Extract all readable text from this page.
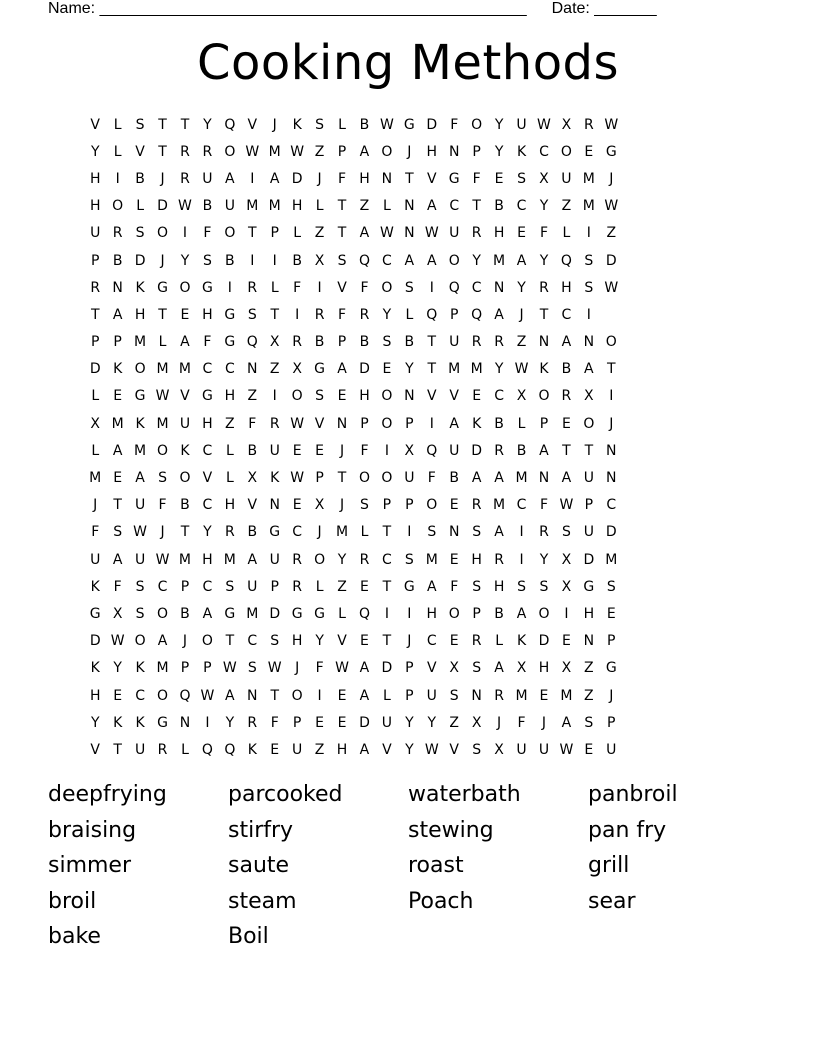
Name: ________________________________________________ Date: _______
Cooking Methods
V L	S T T Y Q V	J	K S	L B W G D F O Y U W X R W
Y	L V T R R O W M W Z P A O	J	H N P Y K C O E G
H	I	B	J	R U A	I	A D	J	F H N T V G F E S X U M	J
H O L D W B U M M H L	T Z L N A C T B C Y Z M W
U R S O	I	F O T P	L Z T A W N W U R H E F	L	I	Z
P B D	J	Y S B	I	I	B X S Q C A A O Y M A Y Q S D
R N K G O G	I	R L	F	I	V F O S	I	Q C N Y R H S W
T A H T E H G S T	I	R F R Y	L Q P Q A	J	T C	I
P P M L A F G Q X R B P B S B T U R R Z N A N O
D K O M M C C N Z X G A D E Y T M M Y W K B A T
L	E G W V G H Z	I	O S E H O N V V E C X O R X	I
X M K M U H Z F R W V N P O P	I	A K B L	P E O	J
L A M O K C L B U E E	J	F	I	X Q U D R B A T T N
M E A S O V L X K W P T O O U F B A A M N A U N
J	T U F B C H V N E X	J	S P P O E R M C F W P C
F S W J	T Y R B G C	J	M L	T	I	S N S A	I	R S U D
U A U W M H M A U R O Y R C S M E H R	I	Y X D M
K F S C P C S U P R L Z E T G A F S H S S X G S
G X S O B A G M D G G L Q	I	I	H O P B A O	I	H E
D W O A	J	O T C S H Y V E T	J	C E R L K D E N P
K Y K M P P W S W J	F W A D P V X S A X H X Z G
H E C O Q W A N T O	I	E A L	P U S N R M E M Z	J
Y K K G N	I	Y R F	P E E D U Y Y Z X	J	F	J	A S P
V T U R L Q Q K E U Z H A V Y W V S X U U W E U
deepfrying	parcooked	waterbath	panbroil
braising	stirfry	stewing	pan fry
simmer	saute	roast	grill
broil	steam	Poach	sear
bake	Boil
